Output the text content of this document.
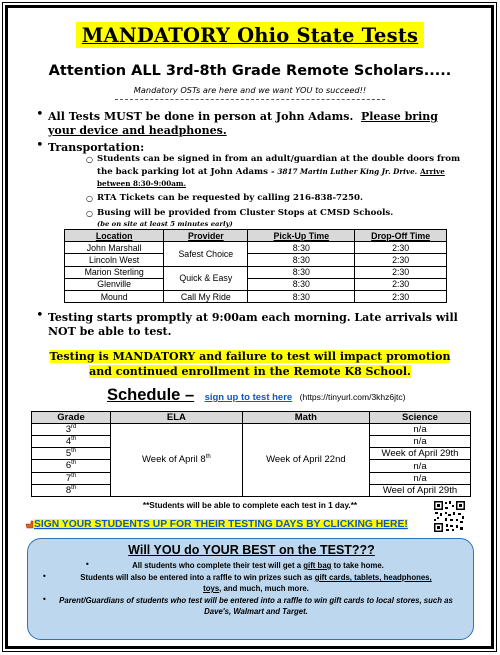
MANDATORY Ohio State Tests
Attention ALL 3rd-8th Grade Remote Scholars.....
Mandatory OSTs are here and we want YOU to succeed!!
• All Tests MUST be done in person at John Adams. Please bring your device and headphones.
• Transportation:
○ Students can be signed in from an adult/guardian at the double doors from the back parking lot at John Adams - 3817 Martin Luther King Jr. Drive. Arrive between 8:30-9:00am.
○ RTA Tickets can be requested by calling 216-838-7250.
○ Busing will be provided from Cluster Stops at CMSD Schools.
(be on site at least 5 minutes early)
Location	Provider	Pick-Up Time	Drop-Off Time
John Marshall	Safest Choice	8:30	2:30
Lincoln West		8:30	2:30
Marion Sterling	Quick & Easy	8:30	2:30
Glenville		8:30	2:30
Mound	Call My Ride	8:30	2:30
• Testing starts promptly at 9:00am each morning. Late arrivals will NOT be able to test.
Testing is MANDATORY and failure to test will impact promotion and continued enrollment in the Remote K8 School.
Schedule – sign up to test here (https://tinyurl.com/3khz6jtc)
Grade	ELA	Math	Science
3rd	Week of April 8th	Week of April 22nd	n/a
4th			n/a
5th			Week of April 29th
6th			n/a
7th			n/a
8th			Weel of April 29th
**Students will be able to complete each test in 1 day.**
SIGN YOUR STUDENTS UP FOR THEIR TESTING DAYS BY CLICKING HERE!
Will YOU do YOUR BEST on the TEST???
•	All students who complete their test will get a gift bag to take home.
•	Students will also be entered into a raffle to win prizes such as gift cards, tablets, headphones,
toys, and much, much more.
•	Parent/Guardians of students who test will be entered into a raffle to win gift cards to local stores, such as Dave's, Walmart and Target.
